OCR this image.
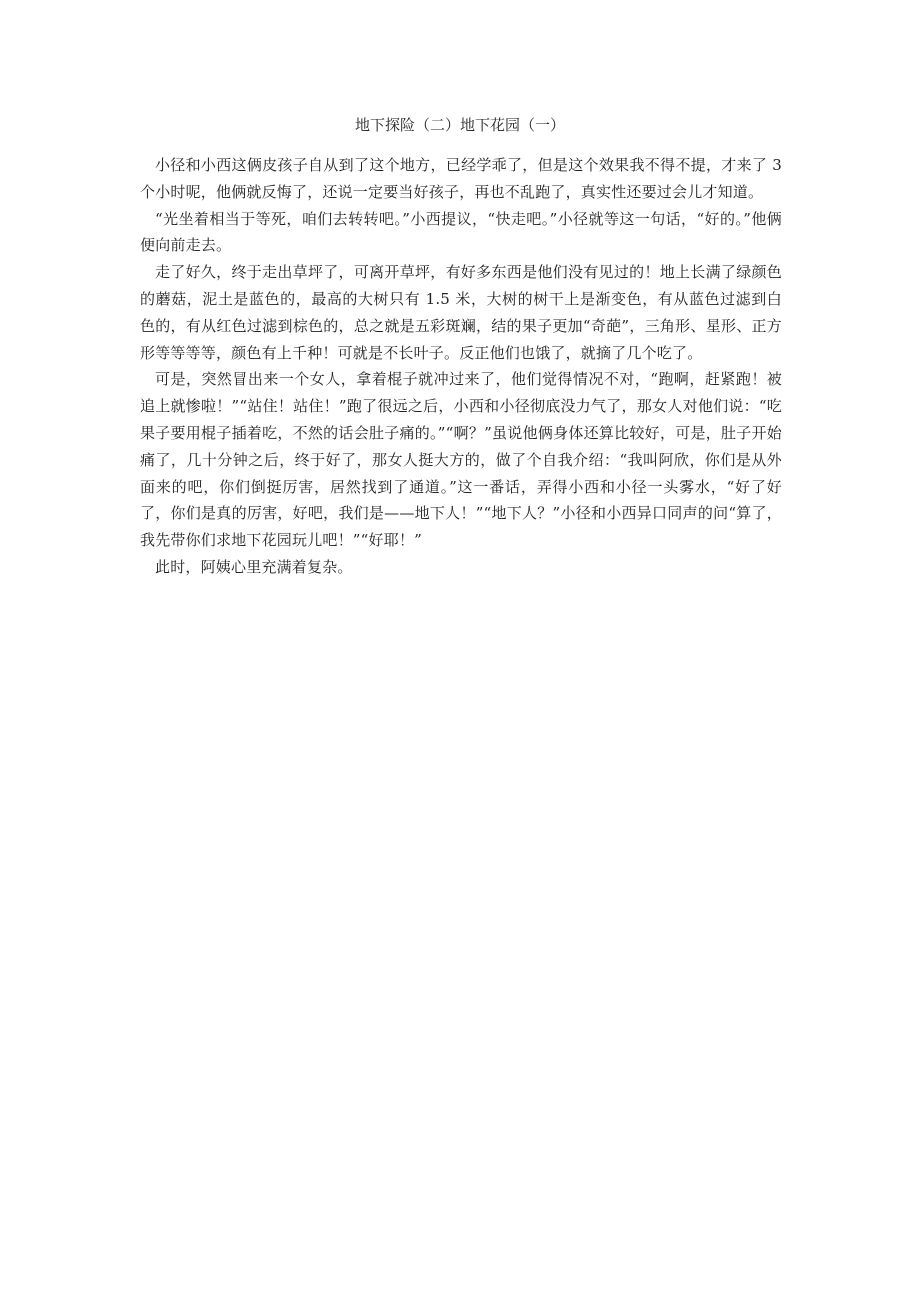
地下探险（二）地下花园（一）

小径和小西这俩皮孩子自从到了这个地方，已经学乖了，但是这个效果我不得不提，才来了 3 个小时呢，他俩就反悔了，还说一定要当好孩子，再也不乱跑了，真实性还要过会儿才知道。

“光坐着相当于等死，咱们去转转吧。”小西提议，“快走吧。”小径就等这一句话，“好的。”他俩便向前走去。

走了好久，终于走出草坪了，可离开草坪，有好多东西是他们没有见过的！地上长满了绿颜色的蘑菇，泥土是蓝色的，最高的大树只有 1.5 米，大树的树干上是渐变色，有从蓝色过滤到白色的，有从红色过滤到棕色的，总之就是五彩斑斓，结的果子更加“奇葩”，三角形、星形、正方形等等等等，颜色有上千种！可就是不长叶子。反正他们也饿了，就摘了几个吃了。

可是，突然冒出来一个女人，拿着棍子就冲过来了，他们觉得情况不对，“跑啊，赶紧跑！被追上就惨啦！”“站住！站住！”跑了很远之后，小西和小径彻底没力气了，那女人对他们说：“吃果子要用棍子插着吃，不然的话会肚子痛的。”“啊？”虽说他俩身体还算比较好，可是，肚子开始痛了，几十分钟之后，终于好了，那女人挺大方的，做了个自我介绍：“我叫阿欣，你们是从外面来的吧，你们倒挺厉害，居然找到了通道。”这一番话，弄得小西和小径一头雾水，“好了好了，你们是真的厉害，好吧，我们是——地下人！”“地下人？”小径和小西异口同声的问“算了，我先带你们求地下花园玩儿吧！”“好耶！”

此时，阿姨心里充满着复杂。
